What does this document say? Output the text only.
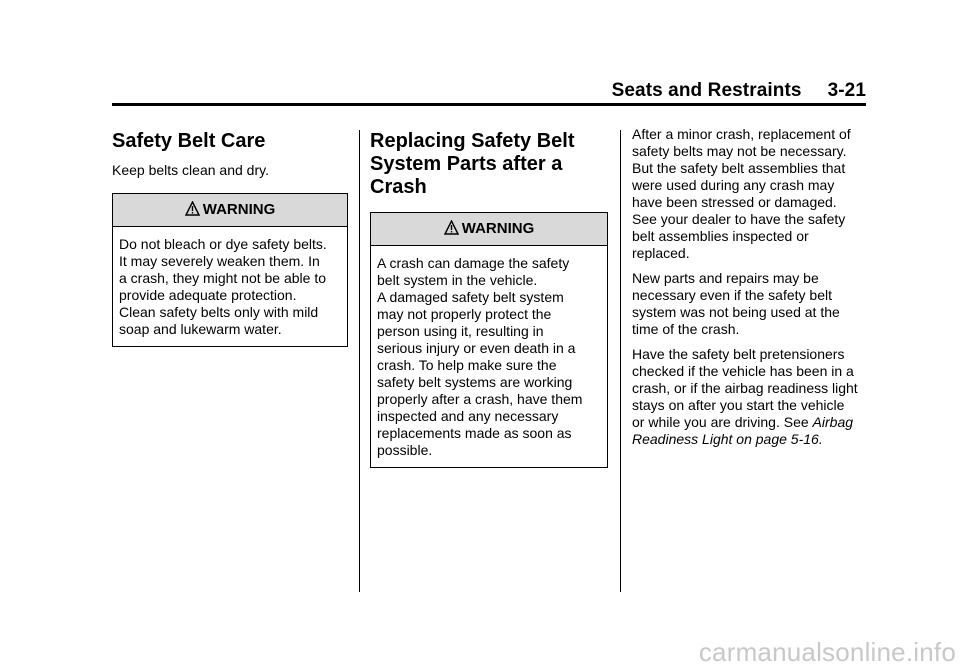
Seats and Restraints 3-21
Safety Belt Care

Keep belts clean and dry.

WARNING
Do not bleach or dye safety belts.
It may severely weaken them. In
a crash, they might not be able to
provide adequate protection.
Clean safety belts only with mild
soap and lukewarm water.
Replacing Safety Belt
System Parts after a
Crash
WARNING
A crash can damage the safety
belt system in the vehicle.
A damaged safety belt system
may not properly protect the
person using it, resulting in
serious injury or even death in a
crash. To help make sure the
safety belt systems are working
properly after a crash, have them
inspected and any necessary
replacements made as soon as
possible.
After a minor crash, replacement of
safety belts may not be necessary.
But the safety belt assemblies that
were used during any crash may
have been stressed or damaged.
See your dealer to have the safety
belt assemblies inspected or
replaced.
New parts and repairs may be
necessary even if the safety belt
system was not being used at the
time of the crash.
Have the safety belt pretensioners
checked if the vehicle has been in a
crash, or if the airbag readiness light
stays on after you start the vehicle
or while you are driving. See Airbag
Readiness Light on page 5-16.
carmanualsonline.info
